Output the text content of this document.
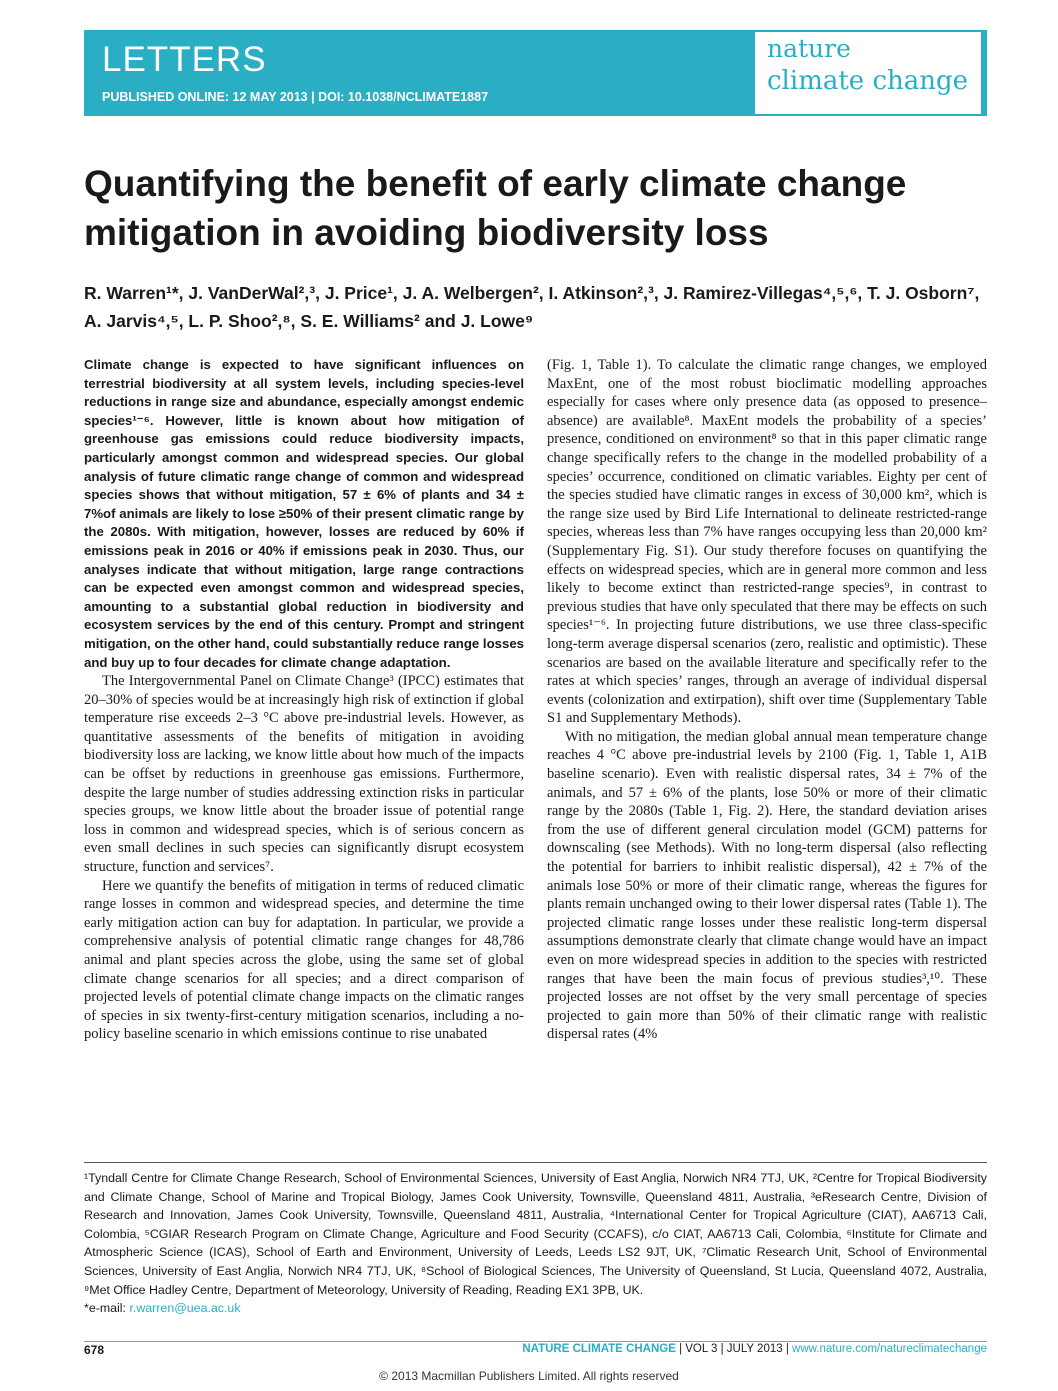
LETTERS
PUBLISHED ONLINE: 12 MAY 2013 | DOI: 10.1038/NCLIMATE1887
nature
climate change
Quantifying the benefit of early climate change mitigation in avoiding biodiversity loss
R. Warren¹*, J. VanDerWal²,³, J. Price¹, J. A. Welbergen², I. Atkinson²,³, J. Ramirez-Villegas⁴,⁵,⁶, T. J. Osborn⁷, A. Jarvis⁴,⁵, L. P. Shoo²,⁸, S. E. Williams² and J. Lowe⁹

Climate change is expected to have significant influences on terrestrial biodiversity at all system levels, including species-level reductions in range size and abundance, especially amongst endemic species¹⁻⁶. However, little is known about how mitigation of greenhouse gas emissions could reduce biodiversity impacts, particularly amongst common and widespread species. Our global analysis of future climatic range change of common and widespread species shows that without mitigation, 57 ± 6% of plants and 34 ± 7%of animals are likely to lose ≥50% of their present climatic range by the 2080s. With mitigation, however, losses are reduced by 60% if emissions peak in 2016 or 40% if emissions peak in 2030. Thus, our analyses indicate that without mitigation, large range contractions can be expected even amongst common and widespread species, amounting to a substantial global reduction in biodiversity and ecosystem services by the end of this century. Prompt and stringent mitigation, on the other hand, could substantially reduce range losses and buy up to four decades for climate change adaptation.

The Intergovernmental Panel on Climate Change³ (IPCC) estimates that 20–30% of species would be at increasingly high risk of extinction if global temperature rise exceeds 2–3 °C above pre-industrial levels. However, as quantitative assessments of the benefits of mitigation in avoiding biodiversity loss are lacking, we know little about how much of the impacts can be offset by reductions in greenhouse gas emissions. Furthermore, despite the large number of studies addressing extinction risks in particular species groups, we know little about the broader issue of potential range loss in common and widespread species, which is of serious concern as even small declines in such species can significantly disrupt ecosystem structure, function and services⁷.

Here we quantify the benefits of mitigation in terms of reduced climatic range losses in common and widespread species, and determine the time early mitigation action can buy for adaptation. In particular, we provide a comprehensive analysis of potential climatic range changes for 48,786 animal and plant species across the globe, using the same set of global climate change scenarios for all species; and a direct comparison of projected levels of potential climate change impacts on the climatic ranges of species in six twenty-first-century mitigation scenarios, including a no-policy baseline scenario in which emissions continue to rise unabated

(Fig. 1, Table 1). To calculate the climatic range changes, we employed MaxEnt, one of the most robust bioclimatic modelling approaches especially for cases where only presence data (as opposed to presence–absence) are available⁸. MaxEnt models the probability of a species’ presence, conditioned on environment⁸ so that in this paper climatic range change specifically refers to the change in the modelled probability of a species’ occurrence, conditioned on climatic variables. Eighty per cent of the species studied have climatic ranges in excess of 30,000 km², which is the range size used by Bird Life International to delineate restricted-range species, whereas less than 7% have ranges occupying less than 20,000 km² (Supplementary Fig. S1). Our study therefore focuses on quantifying the effects on widespread species, which are in general more common and less likely to become extinct than restricted-range species⁹, in contrast to previous studies that have only speculated that there may be effects on such species¹⁻⁶. In projecting future distributions, we use three class-specific long-term average dispersal scenarios (zero, realistic and optimistic). These scenarios are based on the available literature and specifically refer to the rates at which species’ ranges, through an average of individual dispersal events (colonization and extirpation), shift over time (Supplementary Table S1 and Supplementary Methods).

With no mitigation, the median global annual mean temperature change reaches 4 °C above pre-industrial levels by 2100 (Fig. 1, Table 1, A1B baseline scenario). Even with realistic dispersal rates, 34 ± 7% of the animals, and 57 ± 6% of the plants, lose 50% or more of their climatic range by the 2080s (Table 1, Fig. 2). Here, the standard deviation arises from the use of different general circulation model (GCM) patterns for downscaling (see Methods). With no long-term dispersal (also reflecting the potential for barriers to inhibit realistic dispersal), 42 ± 7% of the animals lose 50% or more of their climatic range, whereas the figures for plants remain unchanged owing to their lower dispersal rates (Table 1). The projected climatic range losses under these realistic long-term dispersal assumptions demonstrate clearly that climate change would have an impact even on more widespread species in addition to the species with restricted ranges that have been the main focus of previous studies³,¹⁰. These projected losses are not offset by the very small percentage of species projected to gain more than 50% of their climatic range with realistic dispersal rates (4%

¹Tyndall Centre for Climate Change Research, School of Environmental Sciences, University of East Anglia, Norwich NR4 7TJ, UK, ²Centre for Tropical Biodiversity and Climate Change, School of Marine and Tropical Biology, James Cook University, Townsville, Queensland 4811, Australia, ³eResearch Centre, Division of Research and Innovation, James Cook University, Townsville, Queensland 4811, Australia, ⁴International Center for Tropical Agriculture (CIAT), AA6713 Cali, Colombia, ⁵CGIAR Research Program on Climate Change, Agriculture and Food Security (CCAFS), c/o CIAT, AA6713 Cali, Colombia, ⁶Institute for Climate and Atmospheric Science (ICAS), School of Earth and Environment, University of Leeds, Leeds LS2 9JT, UK, ⁷Climatic Research Unit, School of Environmental Sciences, University of East Anglia, Norwich NR4 7TJ, UK, ⁸School of Biological Sciences, The University of Queensland, St Lucia, Queensland 4072, Australia, ⁹Met Office Hadley Centre, Department of Meteorology, University of Reading, Reading EX1 3PB, UK.

*e-mail: r.warren@uea.ac.uk

678	NATURE CLIMATE CHANGE | VOL 3 | JULY 2013 | www.nature.com/natureclimatechange
© 2013 Macmillan Publishers Limited. All rights reserved
